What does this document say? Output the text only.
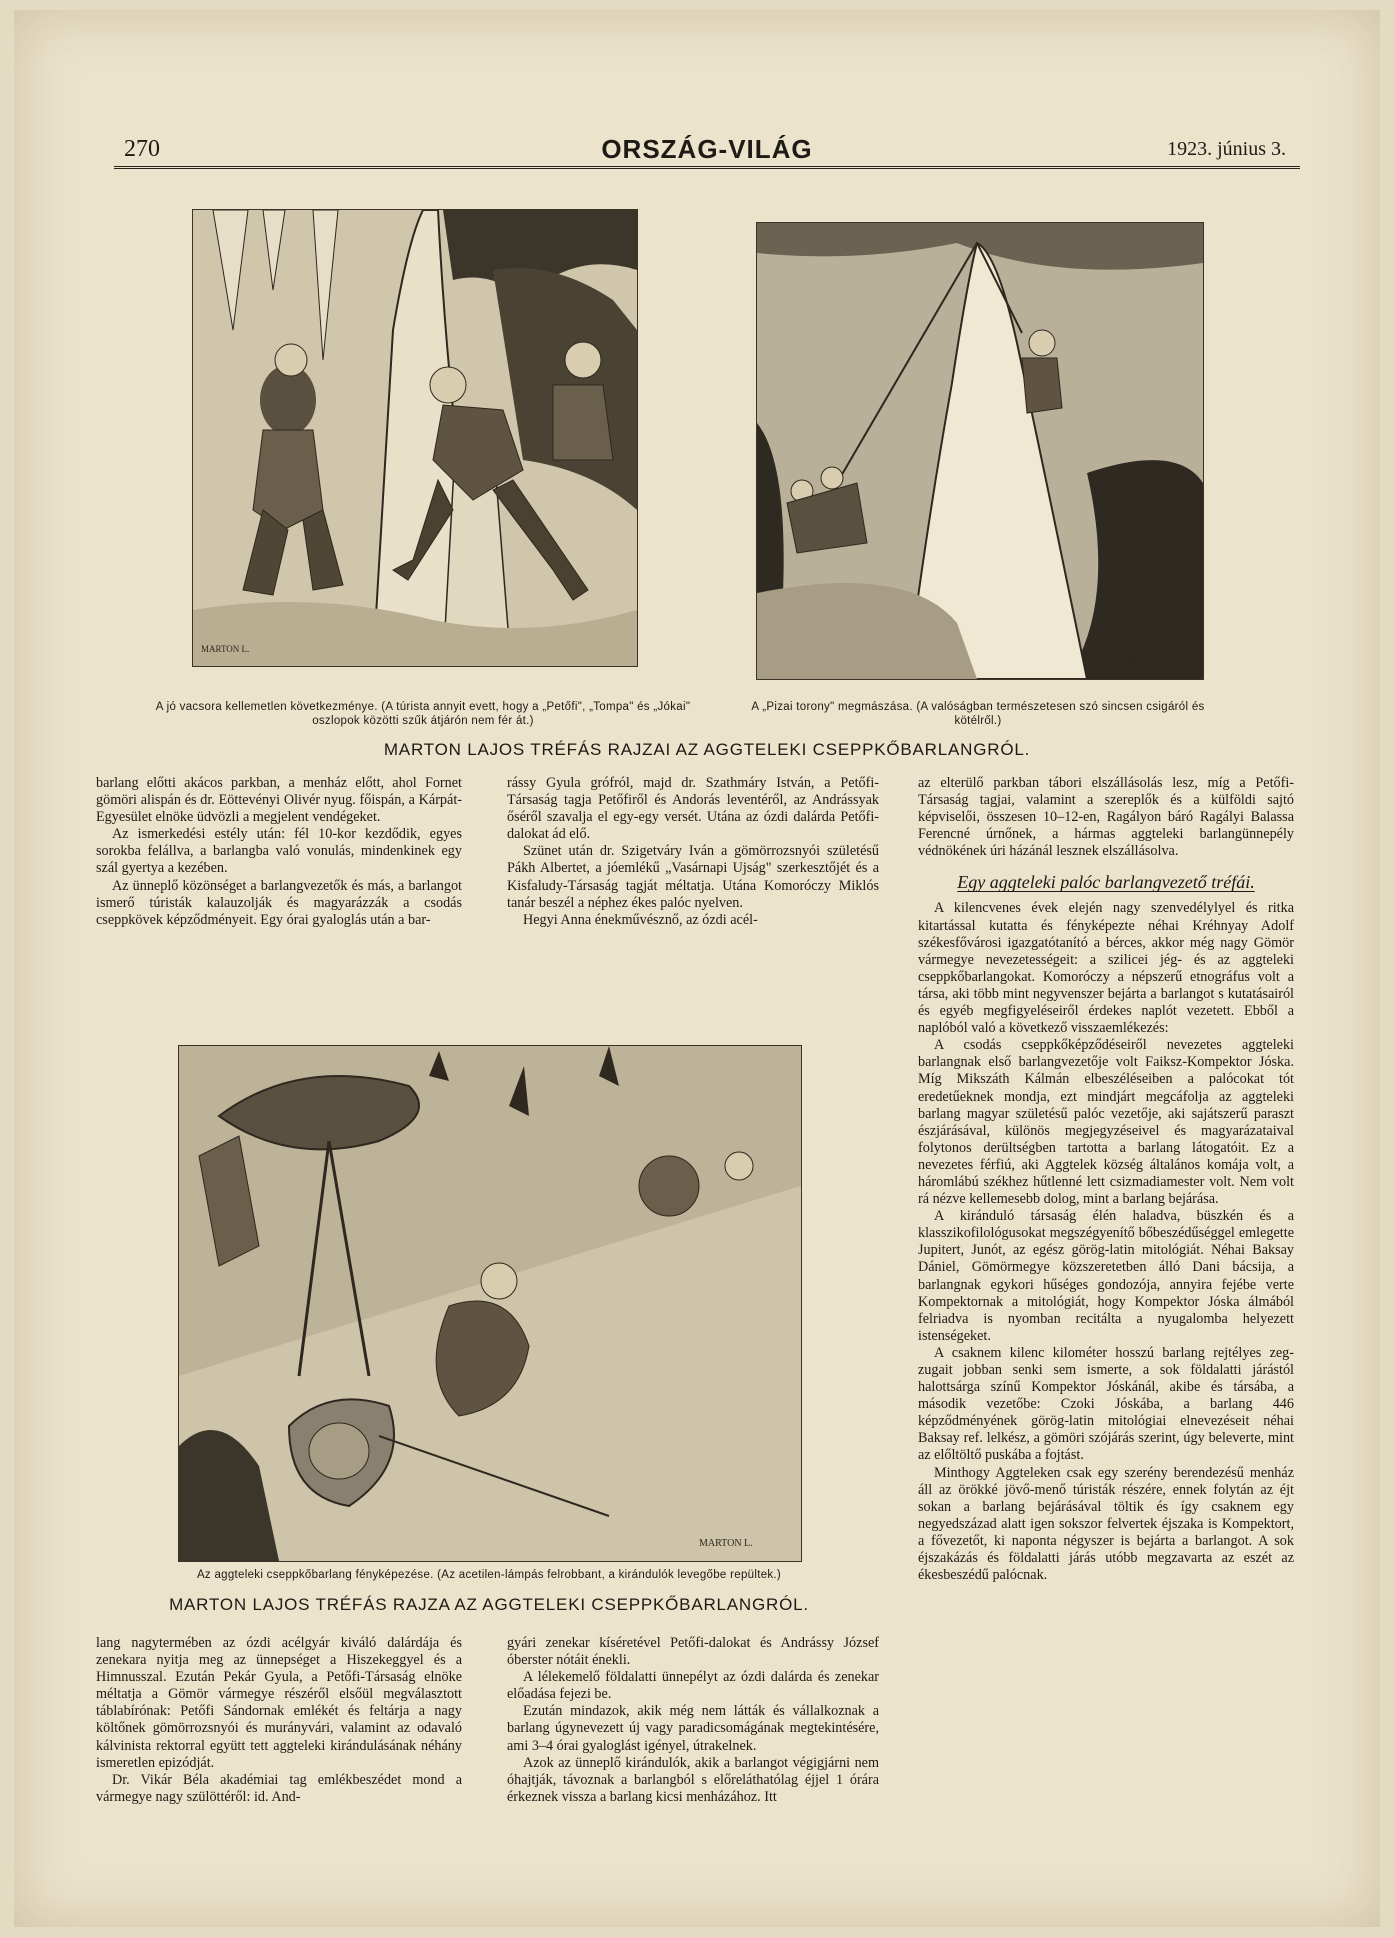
270	ORSZÁG-VILÁG	1923. június 3.
MARTON L.
MARTON L.
A jó vacsora kellemetlen következménye. (A túrista annyit evett, hogy a „Petőfi", „Tompa" és „Jókai" oszlopok közötti szűk átjárón nem fér át.)
A „Pizai torony" megmászása. (A valóságban természetesen szó sincsen csigáról és kötélről.)
MARTON LAJOS TRÉFÁS RAJZAI AZ AGGTELEKI CSEPPKŐBARLANGRÓL.

barlang előtti akácos parkban, a menház előtt, ahol Fornet gömöri alispán és dr. Eöttevényi Olivér nyug. főispán, a Kárpát-Egyesület elnöke üdvözli a megjelent vendégeket.

Az ismerkedési estély után: fél 10-kor kezdődik, egyes sorokba felállva, a barlangba való vonulás, mindenkinek egy szál gyertya a kezében.

Az ünneplő közönséget a barlangvezetők és más, a barlangot ismerő túristák kalauzolják és magyarázzák a csodás cseppkövek képződményeit. Egy órai gyaloglás után a bar-

rássy Gyula grófról, majd dr. Szathmáry István, a Petőfi-Társaság tagja Petőfiről és Andorás leventéről, az Andrássyak őséről szavalja el egy-egy versét. Utána az ózdi dalárda Petőfi-dalokat ád elő.

Szünet után dr. Szigetváry Iván a gömörrozsnyói születésű Pákh Albertet, a jóemlékű „Vasárnapi Ujság" szerkesztőjét és a Kisfaludy-Társaság tagját méltatja. Utána Komoróczy Miklós tanár beszél a néphez ékes palóc nyelven.

Hegyi Anna énekművésznő, az ózdi acél-

az elterülő parkban tábori elszállásolás lesz, míg a Petőfi-Társaság tagjai, valamint a szereplők és a külföldi sajtó képviselői, összesen 10–12-en, Ragályon báró Ragályi Balassa Ferencné úrnőnek, a hármas aggteleki barlangünnepély védnökének úri házánál lesznek elszállásolva.

Egy aggteleki palóc barlangvezető tréfái.

A kilencvenes évek elején nagy szenvedélylyel és ritka kitartással kutatta és fényképezte néhai Kréhnyay Adolf székesfővárosi igazgatótanító a bérces, akkor még nagy Gömör vármegye nevezetességeit: a szilicei jég- és az aggteleki cseppkőbarlangokat. Komoróczy a népszerű etnográfus volt a társa, aki több mint negyvenszer bejárta a barlangot s kutatásairól és egyéb megfigyeléseiről érdekes naplót vezetett. Ebből a naplóból való a következő visszaemlékezés:

A csodás cseppkőképződéseiről nevezetes aggteleki barlangnak első barlangvezetője volt Faiksz-Kompektor Jóska. Míg Mikszáth Kálmán elbeszéléseiben a palócokat tót eredetűeknek mondja, ezt mindjárt megcáfolja az aggteleki barlang magyar születésű palóc vezetője, aki sajátszerű paraszt észjárásával, különös megjegyzéseivel és magyarázataival folytonos derültségben tartotta a barlang látogatóit. Ez a nevezetes férfiú, aki Aggtelek község általános komája volt, a háromlábú székhez hűtlenné lett csizmadiamester volt. Nem volt rá nézve kellemesebb dolog, mint a barlang bejárása.

A kiránduló társaság élén haladva, büszkén és a klasszikofilológusokat megszégyenítő bőbeszédűséggel emlegette Jupitert, Junót, az egész görög-latin mitológiát. Néhai Baksay Dániel, Gömörmegye közszeretetben álló Dani bácsija, a barlangnak egykori hűséges gondozója, annyira fejébe verte Kompektornak a mitológiát, hogy Kompektor Jóska álmából felriadva is nyomban recitálta a nyugalomba helyezett istenségeket.

A csaknem kilenc kilométer hosszú barlang rejtélyes zeg-zugait jobban senki sem ismerte, a sok földalatti járástól halottsárga színű Kompektor Jóskánál, akibe és társába, a második vezetőbe: Czoki Jóskába, a barlang 446 képződményének görög-latin mitológiai elnevezéseit néhai Baksay ref. lelkész, a gömöri szójárás szerint, úgy beleverte, mint az előltöltő puskába a fojtást.

Minthogy Aggteleken csak egy szerény berendezésű menház áll az örökké jövő-menő túristák részére, ennek folytán az éjt sokan a barlang bejárásával töltik és így csaknem egy negyedszázad alatt igen sokszor felvertek éjszaka is Kompektort, a fővezetőt, ki naponta négyszer is bejárta a barlangot. A sok éjszakázás és földalatti járás utóbb megzavarta az eszét az ékesbeszédű palócnak.

MARTON L.
Az aggteleki cseppkőbarlang fényképezése. (Az acetilen-lámpás felrobbant, a kirándulók levegőbe repültek.)
MARTON LAJOS TRÉFÁS RAJZA AZ AGGTELEKI CSEPPKŐBARLANGRÓL.

lang nagytermében az ózdi acélgyár kiváló dalárdája és zenekara nyitja meg az ünnepséget a Hiszekeggyel és a Himnusszal. Ezután Pekár Gyula, a Petőfi-Társaság elnöke méltatja a Gömör vármegye részéről elsőül megválasztott táblabírónak: Petőfi Sándornak emlékét és feltárja a nagy költőnek gömörrozsnyói és murányvári, valamint az odavaló kálvinista rektorral együtt tett aggteleki kirándulásának néhány ismeretlen epizódját.

Dr. Vikár Béla akadémiai tag emlékbeszédet mond a vármegye nagy szülöttéről: id. And-

gyári zenekar kíséretével Petőfi-dalokat és Andrássy József óberster nótáit énekli.

A lélekemelő földalatti ünnepélyt az ózdi dalárda és zenekar előadása fejezi be.

Ezután mindazok, akik még nem látták és vállalkoznak a barlang úgynevezett új vagy paradicsomágának megtekintésére, ami 3–4 órai gyaloglást igényel, útrakelnek.

Azok az ünneplő kirándulók, akik a barlangot végigjárni nem óhajtják, távoznak a barlangból s előreláthatólag éjjel 1 órára érkeznek vissza a barlang kicsi menházához. Itt
